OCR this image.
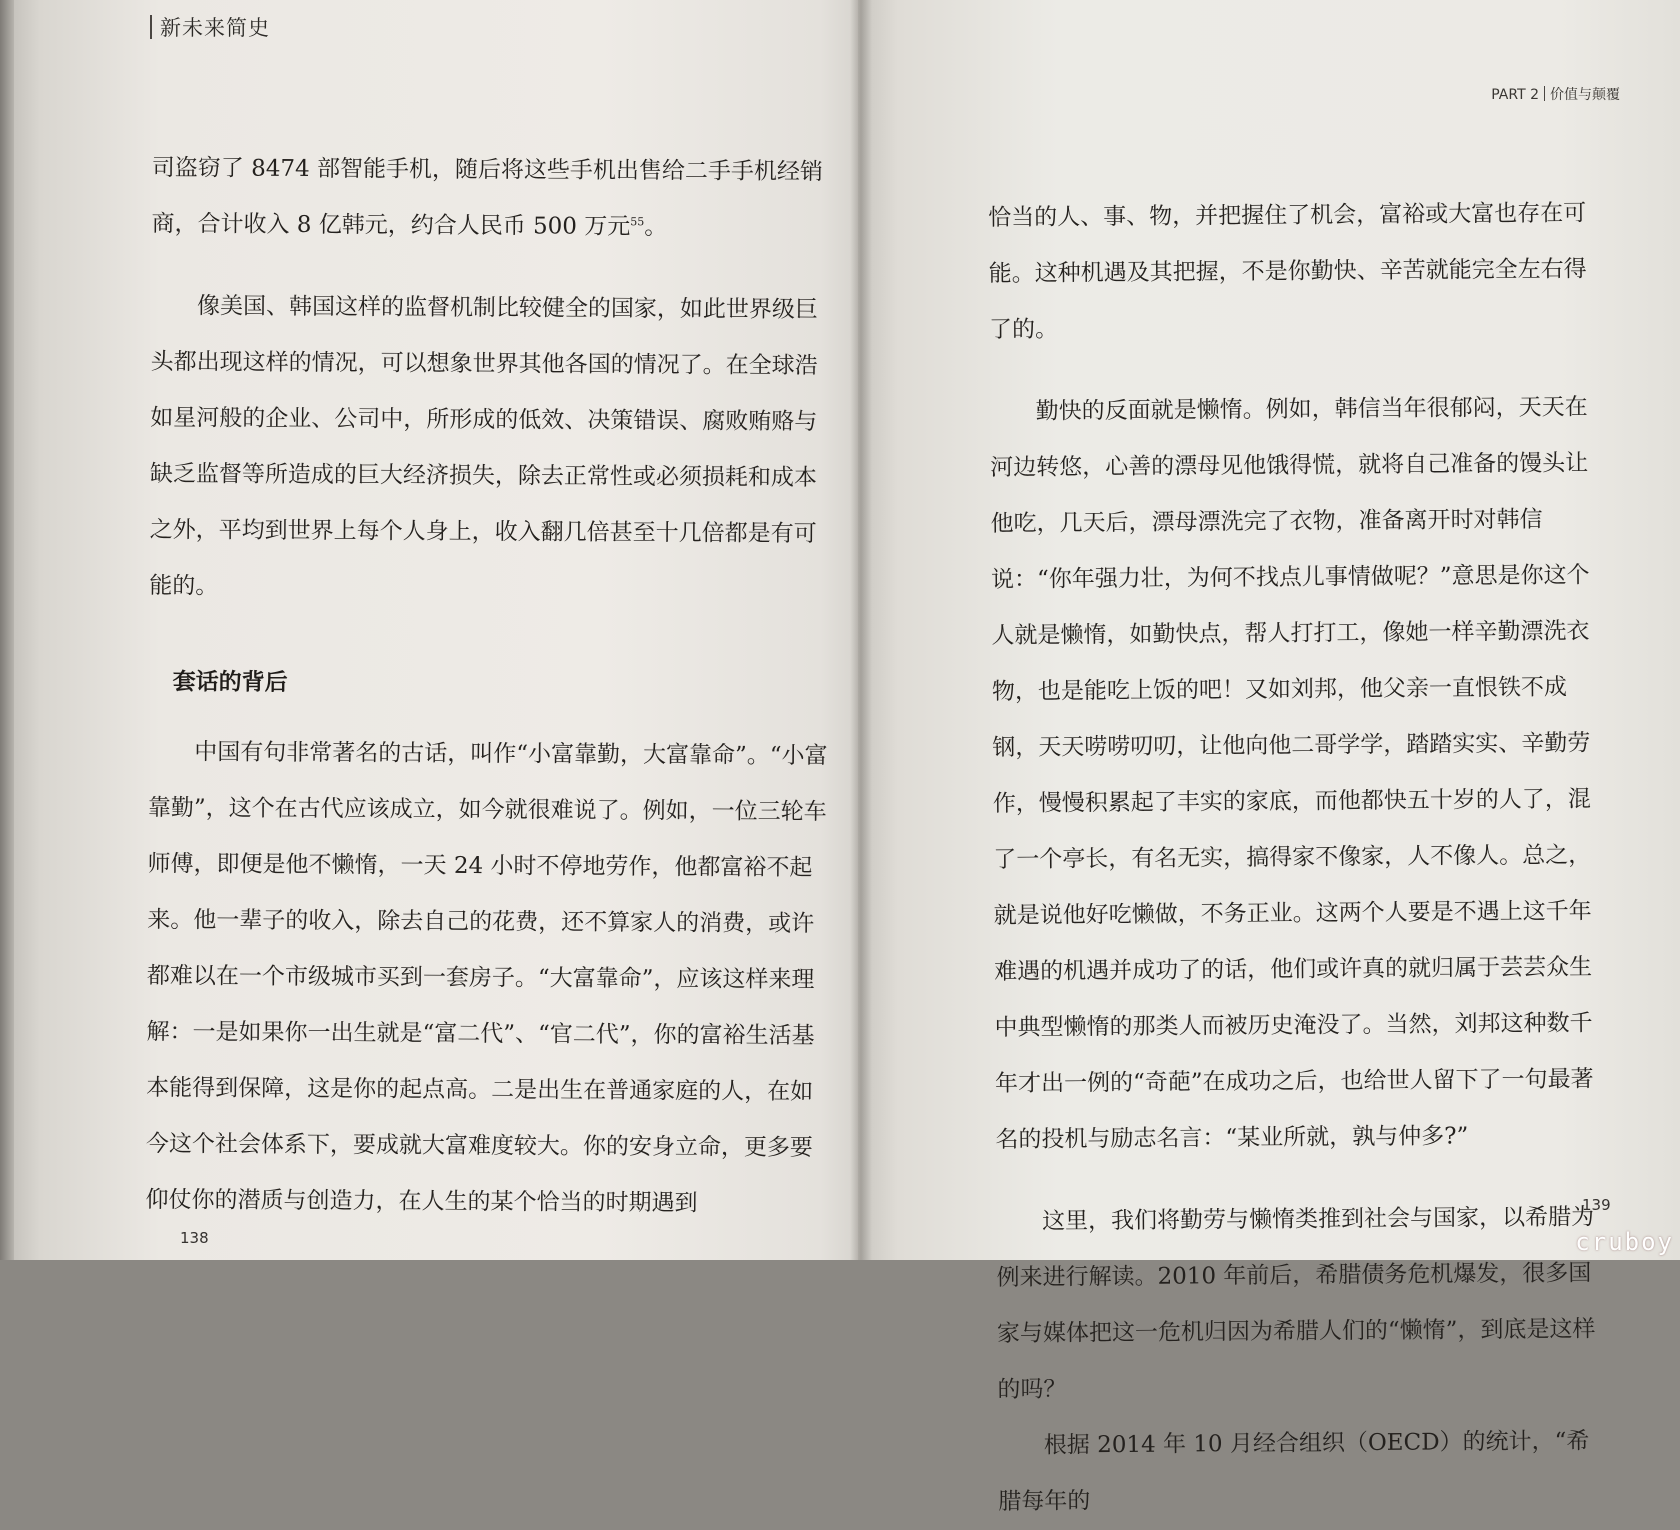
新未来简史

司盗窃了 8474 部智能手机，随后将这些手机出售给二手手机经销商，合计收入 8 亿韩元，约合人民币 500 万元$^{55}$。

像美国、韩国这样的监督机制比较健全的国家，如此世界级巨头都出现这样的情况，可以想象世界其他各国的情况了。在全球浩如星河般的企业、公司中，所形成的低效、决策错误、腐败贿赂与缺乏监督等所造成的巨大经济损失，除去正常性或必须损耗和成本之外，平均到世界上每个人身上，收入翻几倍甚至十几倍都是有可能的。

套话的背后

中国有句非常著名的古话，叫作“小富靠勤，大富靠命”。“小富靠勤”，这个在古代应该成立，如今就很难说了。例如，一位三轮车师傅，即便是他不懒惰，一天 24 小时不停地劳作，他都富裕不起来。他一辈子的收入，除去自己的花费，还不算家人的消费，或许都难以在一个市级城市买到一套房子。“大富靠命”，应该这样来理解：一是如果你一出生就是“富二代”、“官二代”，你的富裕生活基本能得到保障，这是你的起点高。二是出生在普通家庭的人，在如今这个社会体系下，要成就大富难度较大。你的安身立命，更多要仰仗你的潜质与创造力，在人生的某个恰当的时期遇到

138
PART 2 价值与颠覆

恰当的人、事、物，并把握住了机会，富裕或大富也存在可能。这种机遇及其把握，不是你勤快、辛苦就能完全左右得了的。

勤快的反面就是懒惰。例如，韩信当年很郁闷，天天在河边转悠，心善的漂母见他饿得慌，就将自己准备的馒头让他吃，几天后，漂母漂洗完了衣物，准备离开时对韩信说：“你年强力壮，为何不找点儿事情做呢？”意思是你这个人就是懒惰，如勤快点，帮人打打工，像她一样辛勤漂洗衣物，也是能吃上饭的吧！又如刘邦，他父亲一直恨铁不成钢，天天唠唠叨叨，让他向他二哥学学，踏踏实实、辛勤劳作，慢慢积累起了丰实的家底，而他都快五十岁的人了，混了一个亭长，有名无实，搞得家不像家，人不像人。总之，就是说他好吃懒做，不务正业。这两个人要是不遇上这千年难遇的机遇并成功了的话，他们或许真的就归属于芸芸众生中典型懒惰的那类人而被历史淹没了。当然，刘邦这种数千年才出一例的“奇葩”在成功之后，也给世人留下了一句最著名的投机与励志名言：“某业所就，孰与仲多?”

这里，我们将勤劳与懒惰类推到社会与国家，以希腊为例来进行解读。2010 年前后，希腊债务危机爆发，很多国家与媒体把这一危机归因为希腊人们的“懒惰”，到底是这样的吗？

根据 2014 年 10 月经合组织（OECD）的统计，“希腊每年的

139
cruboy
